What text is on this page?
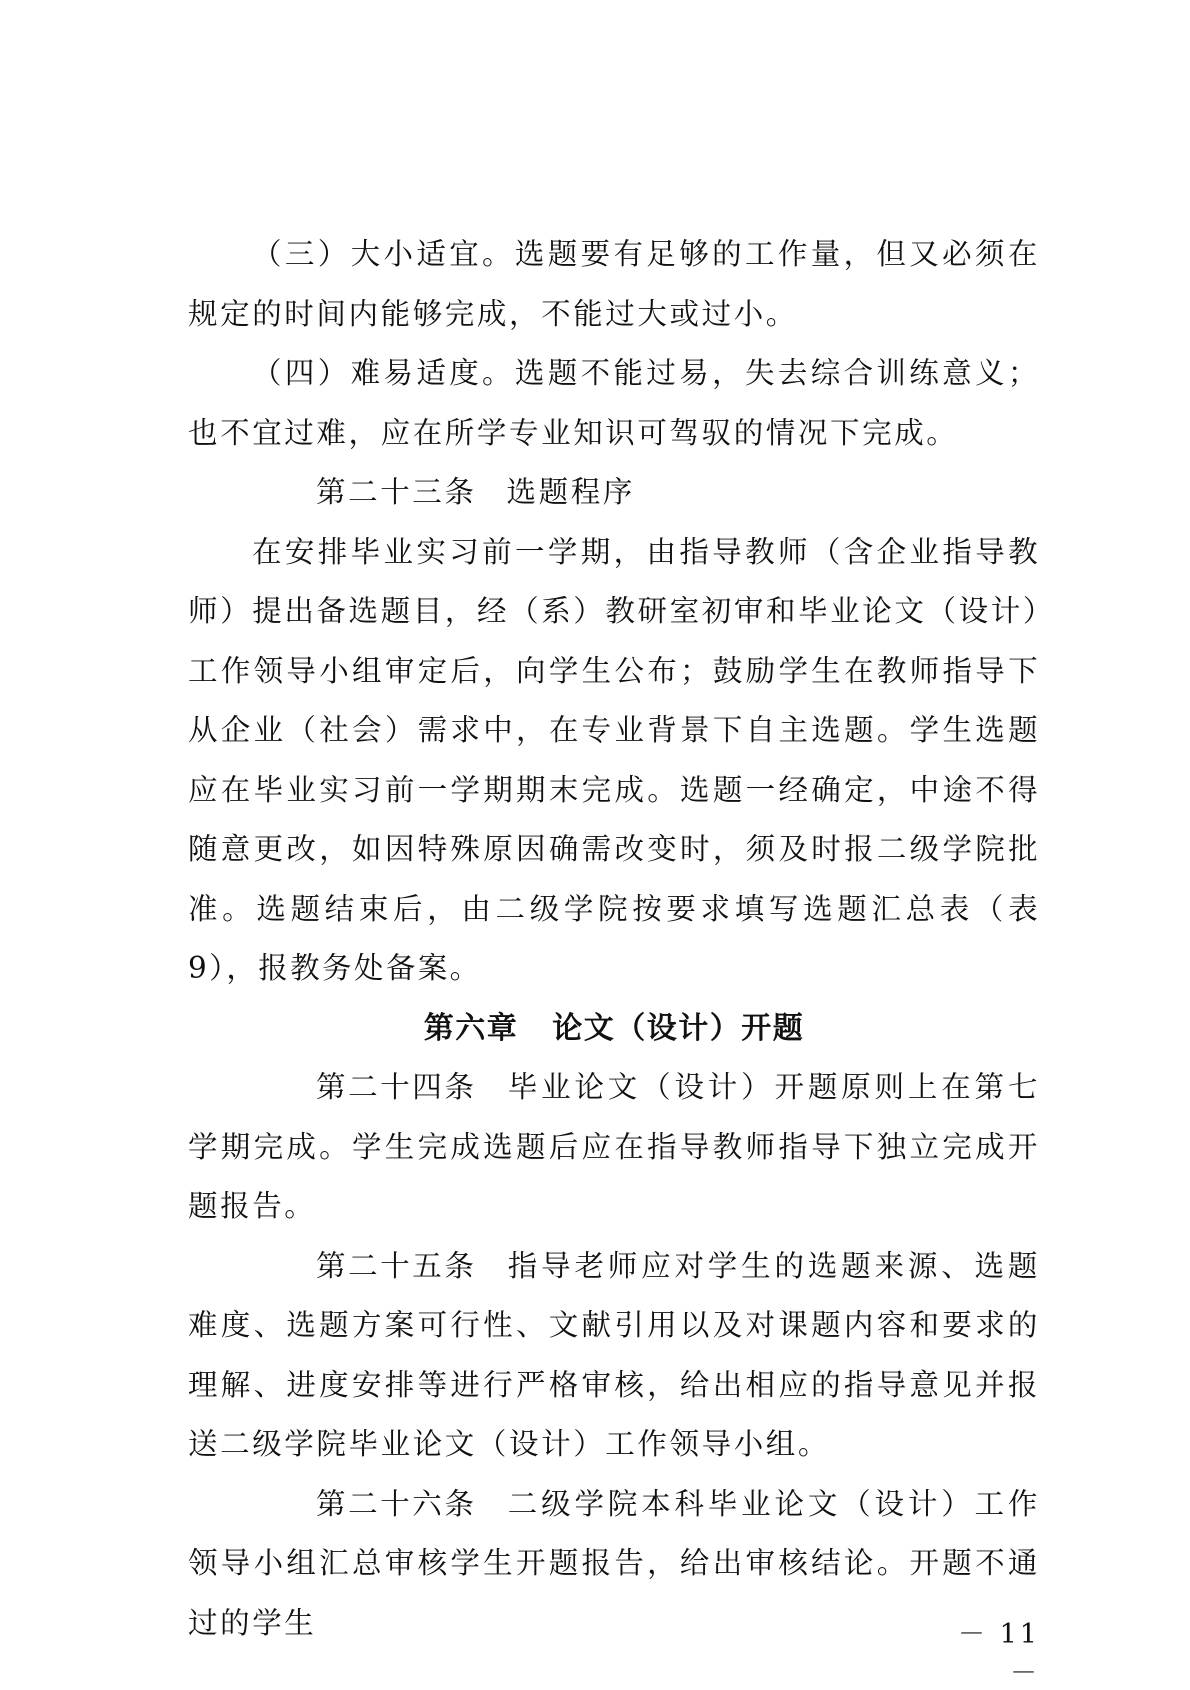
（三）大小适宜。选题要有足够的工作量，但又必须在规定的时间内能够完成，不能过大或过小。

（四）难易适度。选题不能过易，失去综合训练意义；也不宜过难，应在所学专业知识可驾驭的情况下完成。

第二十三条 选题程序

在安排毕业实习前一学期，由指导教师（含企业指导教师）提出备选题目，经（系）教研室初审和毕业论文（设计）工作领导小组审定后，向学生公布；鼓励学生在教师指导下从企业（社会）需求中，在专业背景下自主选题。学生选题应在毕业实习前一学期期末完成。选题一经确定，中途不得随意更改，如因特殊原因确需改变时，须及时报二级学院批准。选题结束后，由二级学院按要求填写选题汇总表（表9），报教务处备案。

第六章 论文（设计）开题

第二十四条 毕业论文（设计）开题原则上在第七学期完成。学生完成选题后应在指导教师指导下独立完成开题报告。

第二十五条 指导老师应对学生的选题来源、选题难度、选题方案可行性、文献引用以及对课题内容和要求的理解、进度安排等进行严格审核，给出相应的指导意见并报送二级学院毕业论文（设计）工作领导小组。

第二十六条 二级学院本科毕业论文（设计）工作领导小组汇总审核学生开题报告，给出审核结论。开题不通过的学生	－ 11 －
